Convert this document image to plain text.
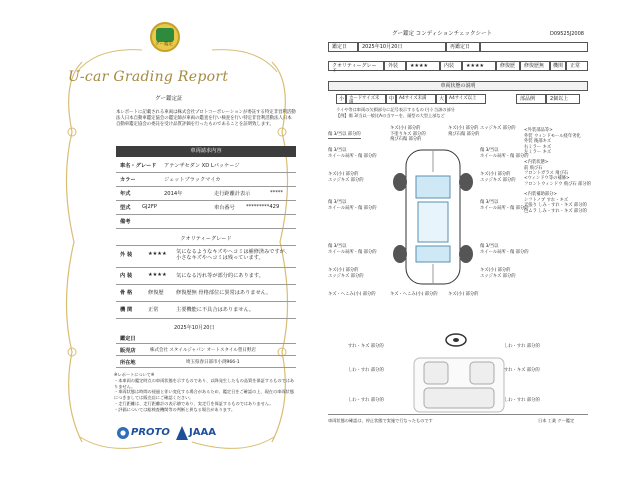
グー鑑定
U-car Grading Report
グー鑑定証
本レポートに記載される車両は株式会社プロトコーポレーションが委託する特定非営利活動法人日本自動車鑑定協会の鑑定師が車両の鑑査を行い検査を行い特定非営利活動法人日本自動車鑑定協会の委託を受け品質評価を行ったものであることを証明致します。
車両請求内容
車名・グレード アテンザセダン XD Lパッケージ
カラー	ジェットブラックマイカ
年式	2014年	走行距離計表示	*****
型式 GJ2FP	車台番号 *********429
備考
クオリティーグレード
外 装	★★★★ 気になるようなキズやヘコミは補修済みですが、小さなキズやヘコミは残っています。
内 装	★★★★ 気になる汚れ等が部分的にあります。
骨 格	修復歴 修復歴無 骨格部位に異常はありません。
機 関	正常	主要機能に不具合はありません。
2025年10月20日
鑑定日
販売店	株式会社 スタイルジャパン オートスタイル豊日野店
所在地	埼玉県春日部市小渕966-1
※レポートについて※
・本車両の鑑定時点の車両状態を示すものであり、以降発生したもの品質を保証するものではありません。
・車両状態は時間の経過と伴い変化する場合があるため、鑑定日をご確認の上、現在の車両状態につきましては販売店にご確認ください。
・走行距離は、走行距離計の表示値であり、実走行を保証するものではありません。
・評価については総検査機関等の判断と異なる場合があります。
PROTO JAAA
グー鑑定 コンディションチェックシート	D09525J2008
鑑定日	2025年10月20日	再鑑定日
クオリティーグレード
外装	★★★★	内装	★★★★	修復歴	修復歴無	機関	正常
車両状態の説明
小	カードサイズ未満
中	A4サイズ未満	大	A4サイズ以上	部品例	2個以上
ライや等は車両の欠損部分に記号表示するもの (小) 当該の部分
【例】傷 3/当以一般比Aの当マーを、頭型の大型上部など
傷 3/当以 部分的
傷 3/当以
ホイール局所・傷 部分的
キズ(小) 部分的
エッジキズ 部分的
傷 3/当以
ホイール局所・傷 部分的
傷 3/当以
ホイール局所・傷 部分的
キズ(小) 部分的
エッジキズ 部分的
キズ・へこみ(小) 部分的
キズ(小) 部分的
下塗りキズ 部分的
飛び石傷 部分的
キズ・へこみ(小) 部分的
キズ(小) 部分的
飛び石傷 部分的
キズ(小) 部分的
エッジキズ 部分的
傷 3/当以
ホイール局所・傷 部分的
キズ(小) 部分的
エッジキズ 部分的
傷 3/当以
ホイール局所・傷 部分的
傷 3/当以
ホイール局所・傷 部分的
キズ(小) 部分的
エッジキズ 部分的
<外装部品等>
外装 ウィンドモール経年劣化
外装 後部キズ
右ミラー キズ
左ミラー キズ
<内装状態>
前 飛び石
フロントガラス 飛び石
<ウィンドウ等の補修>
フロントウィンドウ 飛び石 部分的
<内装補助部分>
シフトノブ すれ・キズ
天張り しみ・すれ・キズ 部分的
色ムラ しみ・すれ・キズ 部分的
すれ・キズ 部分的	しわ・すれ 部分的
しわ・すれ 部分的	すれ・キズ 部分的
しわ・すれ 部分的	しわ・すれ 部分的
車両状態の確認は、停止状態で実施で行なったものです	日本 工業 グー鑑定
